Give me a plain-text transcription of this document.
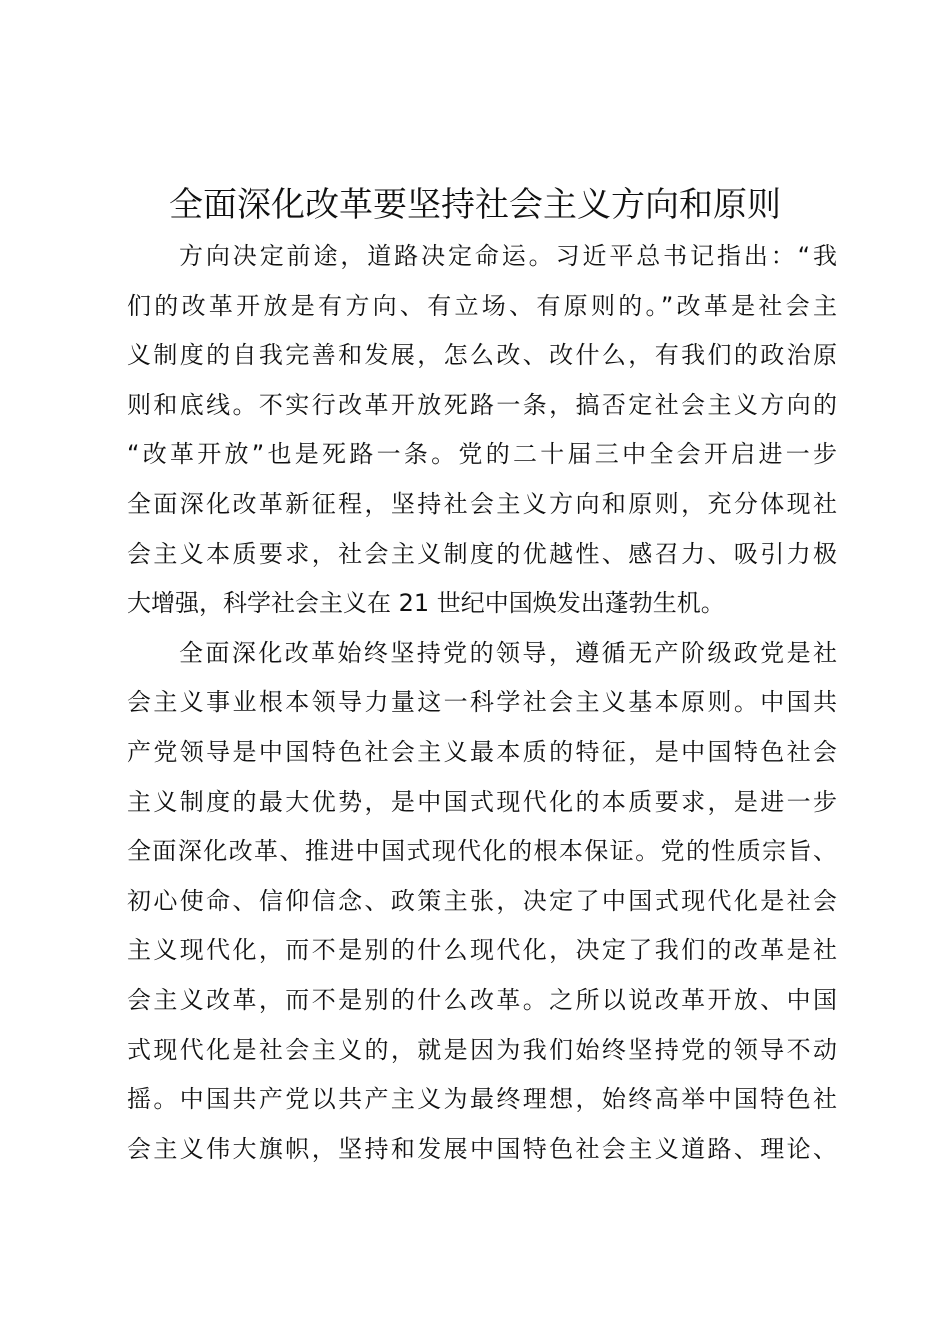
全面深化改革要坚持社会主义方向和原则
方向决定前途，道路决定命运。习近平总书记指出：“我
们的改革开放是有方向、有立场、有原则的。”改革是社会主
义制度的自我完善和发展，怎么改、改什么，有我们的政治原
则和底线。不实行改革开放死路一条，搞否定社会主义方向的
“改革开放”也是死路一条。党的二十届三中全会开启进一步
全面深化改革新征程，坚持社会主义方向和原则，充分体现社
会主义本质要求，社会主义制度的优越性、感召力、吸引力极
大增强，科学社会主义在 21 世纪中国焕发出蓬勃生机。
全面深化改革始终坚持党的领导，遵循无产阶级政党是社
会主义事业根本领导力量这一科学社会主义基本原则。中国共
产党领导是中国特色社会主义最本质的特征，是中国特色社会
主义制度的最大优势，是中国式现代化的本质要求，是进一步
全面深化改革、推进中国式现代化的根本保证。党的性质宗旨、
初心使命、信仰信念、政策主张，决定了中国式现代化是社会
主义现代化，而不是别的什么现代化，决定了我们的改革是社
会主义改革，而不是别的什么改革。之所以说改革开放、中国
式现代化是社会主义的，就是因为我们始终坚持党的领导不动
摇。中国共产党以共产主义为最终理想，始终高举中国特色社
会主义伟大旗帜，坚持和发展中国特色社会主义道路、理论、
